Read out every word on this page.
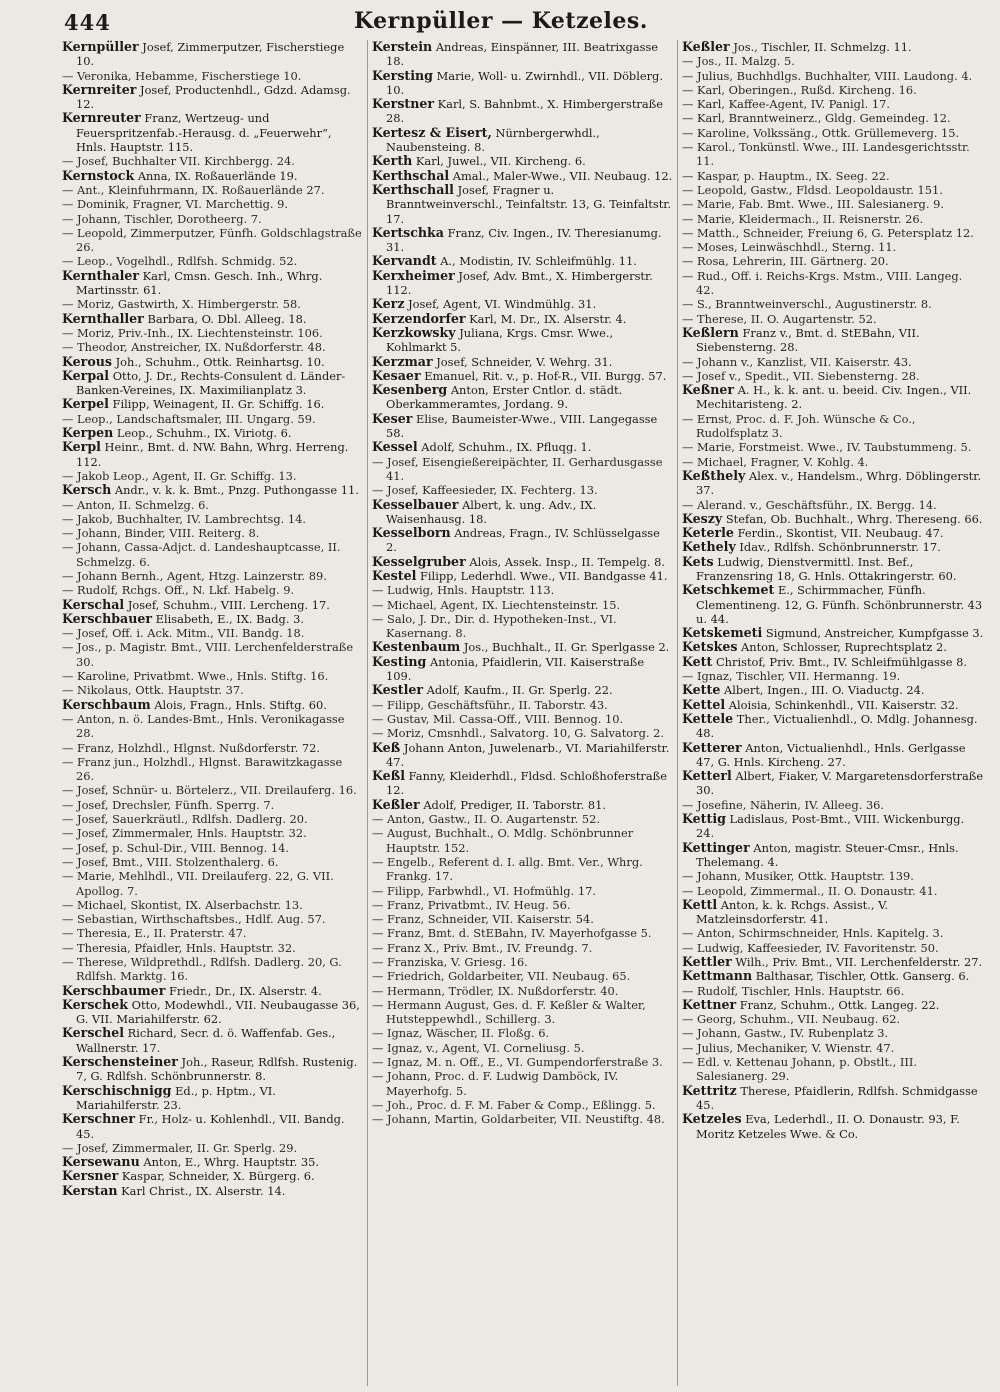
444	Kernpüller — Ketzeles.

Kernpüller Josef, Zimmerputzer, Fischerstiege 10.

— Veronika, Hebamme, Fischerstiege 10.

Kernreiter Josef, Productenhdl., Gdzd. Adamsg. 12.

Kernreuter Franz, Wertzeug- und Feuerspritzenfab.-Herausg. d. „Feuerwehr“, Hnls. Hauptstr. 115.

— Josef, Buchhalter VII. Kirchbergg. 24.

Kernstock Anna, IX. Roßauerlände 19.

— Ant., Kleinfuhrmann, IX. Roßauerlände 27.

— Dominik, Fragner, VI. Marchettig. 9.

— Johann, Tischler, Dorotheerg. 7.

— Leopold, Zimmerputzer, Fünfh. Goldschlagstraße 26.

— Leop., Vogelhdl., Rdlfsh. Schmidg. 52.

Kernthaler Karl, Cmsn. Gesch. Inh., Whrg. Martinsstr. 61.

— Moriz, Gastwirth, X. Himbergerstr. 58.

Kernthaller Barbara, O. Dbl. Alleeg. 18.

— Moriz, Priv.-Inh., IX. Liechtensteinstr. 106.

— Theodor, Anstreicher, IX. Nußdorferstr. 48.

Kerous Joh., Schuhm., Ottk. Reinhartsg. 10.

Kerpal Otto, J. Dr., Rechts-Consulent d. Länder-Banken-Vereines, IX. Maximilianplatz 3.

Kerpel Filipp, Weinagent, II. Gr. Schiffg. 16.

— Leop., Landschaftsmaler, III. Ungarg. 59.

Kerpen Leop., Schuhm., IX. Viriotg. 6.

Kerpl Heinr., Bmt. d. NW. Bahn, Whrg. Herreng. 112.

— Jakob Leop., Agent, II. Gr. Schiffg. 13.

Kersch Andr., v. k. k. Bmt., Pnzg. Puthongasse 11.

— Anton, II. Schmelzg. 6.

— Jakob, Buchhalter, IV. Lambrechtsg. 14.

— Johann, Binder, VIII. Reiterg. 8.

— Johann, Cassa-Adjct. d. Landeshauptcasse, II. Schmelzg. 6.

— Johann Bernh., Agent, Htzg. Lainzerstr. 89.

— Rudolf, Rchgs. Off., N. Lkf. Habelg. 9.

Kerschal Josef, Schuhm., VIII. Lercheng. 17.

Kerschbauer Elisabeth, E., IX. Badg. 3.

— Josef, Off. i. Ack. Mitm., VII. Bandg. 18.

— Jos., p. Magistr. Bmt., VIII. Lerchenfelderstraße 30.

— Karoline, Privatbmt. Wwe., Hnls. Stiftg. 16.

— Nikolaus, Ottk. Hauptstr. 37.

Kerschbaum Alois, Fragn., Hnls. Stiftg. 60.

— Anton, n. ö. Landes-Bmt., Hnls. Veronikagasse 28.

— Franz, Holzhdl., Hlgnst. Nußdorferstr. 72.

— Franz jun., Holzhdl., Hlgnst. Barawitzkagasse 26.

— Josef, Schnür- u. Börtelerz., VII. Dreilauferg. 16.

— Josef, Drechsler, Fünfh. Sperrg. 7.

— Josef, Sauerkräutl., Rdlfsh. Dadlerg. 20.

— Josef, Zimmermaler, Hnls. Hauptstr. 32.

— Josef, p. Schul-Dir., VIII. Bennog. 14.

— Josef, Bmt., VIII. Stolzenthalerg. 6.

— Marie, Mehlhdl., VII. Dreilauferg. 22, G. VII. Apollog. 7.

— Michael, Skontist, IX. Alserbachstr. 13.

— Sebastian, Wirthschaftsbes., Hdlf. Aug. 57.

— Theresia, E., II. Praterstr. 47.

— Theresia, Pfaidler, Hnls. Hauptstr. 32.

— Therese, Wildprethdl., Rdlfsh. Dadlerg. 20, G. Rdlfsh. Marktg. 16.

Kerschbaumer Friedr., Dr., IX. Alserstr. 4.

Kerschek Otto, Modewhdl., VII. Neubaugasse 36, G. VII. Mariahilferstr. 62.

Kerschel Richard, Secr. d. ö. Waffenfab. Ges., Wallnerstr. 17.

Kerschensteiner Joh., Raseur, Rdlfsh. Rustenig. 7, G. Rdlfsh. Schönbrunnerstr. 8.

Kerschischnigg Ed., p. Hptm., VI. Mariahilferstr. 23.

Kerschner Fr., Holz- u. Kohlenhdl., VII. Bandg. 45.

— Josef, Zimmermaler, II. Gr. Sperlg. 29.

Kersewanu Anton, E., Whrg. Hauptstr. 35.

Kersner Kaspar, Schneider, X. Bürgerg. 6.

Kerstan Karl Christ., IX. Alserstr. 14.

Kerstein Andreas, Einspänner, III. Beatrixgasse 18.

Kersting Marie, Woll- u. Zwirnhdl., VII. Döblerg. 10.

Kerstner Karl, S. Bahnbmt., X. Himbergerstraße 28.

Kertesz & Eisert, Nürnbergerwhdl., Naubensteing. 8.

Kerth Karl, Juwel., VII. Kircheng. 6.

Kerthschal Amal., Maler-Wwe., VII. Neubaug. 12.

Kerthschall Josef, Fragner u. Branntweinverschl., Teinfaltstr. 13, G. Teinfaltstr. 17.

Kertschka Franz, Civ. Ingen., IV. Theresianumg. 31.

Kervandt A., Modistin, IV. Schleifmühlg. 11.

Kerxheimer Josef, Adv. Bmt., X. Himbergerstr. 112.

Kerz Josef, Agent, VI. Windmühlg. 31.

Kerzendorfer Karl, M. Dr., IX. Alserstr. 4.

Kerzkowsky Juliana, Krgs. Cmsr. Wwe., Kohlmarkt 5.

Kerzmar Josef, Schneider, V. Wehrg. 31.

Kesaer Emanuel, Rit. v., p. Hof-R., VII. Burgg. 57.

Kesenberg Anton, Erster Cntlor. d. städt. Oberkammeramtes, Jordang. 9.

Keser Elise, Baumeister-Wwe., VIII. Langegasse 58.

Kessel Adolf, Schuhm., IX. Pfluqg. 1.

— Josef, Eisengießereipächter, II. Gerhardusgasse 41.

— Josef, Kaffeesieder, IX. Fechterg. 13.

Kesselbauer Albert, k. ung. Adv., IX. Waisenhausg. 18.

Kesselborn Andreas, Fragn., IV. Schlüsselgasse 2.

Kesselgruber Alois, Assek. Insp., II. Tempelg. 8.

Kestel Filipp, Lederhdl. Wwe., VII. Bandgasse 41.

— Ludwig, Hnls. Hauptstr. 113.

— Michael, Agent, IX. Liechtensteinstr. 15.

— Salo, J. Dr., Dir. d. Hypotheken-Inst., VI. Kasernang. 8.

Kestenbaum Jos., Buchhalt., II. Gr. Sperlgasse 2.

Kesting Antonia, Pfaidlerin, VII. Kaiserstraße 109.

Kestler Adolf, Kaufm., II. Gr. Sperlg. 22.

— Filipp, Geschäftsführ., II. Taborstr. 43.

— Gustav, Mil. Cassa-Off., VIII. Bennog. 10.

— Moriz, Cmsnhdl., Salvatorg. 10, G. Salvatorg. 2.

Keß Johann Anton, Juwelenarb., VI. Mariahilferstr. 47.

Keßl Fanny, Kleiderhdl., Fldsd. Schloßhoferstraße 12.

Keßler Adolf, Prediger, II. Taborstr. 81.

— Anton, Gastw., II. O. Augartenstr. 52.

— August, Buchhalt., O. Mdlg. Schönbrunner Hauptstr. 152.

— Engelb., Referent d. I. allg. Bmt. Ver., Whrg. Frankg. 17.

— Filipp, Farbwhdl., VI. Hofmühlg. 17.

— Franz, Privatbmt., IV. Heug. 56.

— Franz, Schneider, VII. Kaiserstr. 54.

— Franz, Bmt. d. StEBahn, IV. Mayerhofgasse 5.

— Franz X., Priv. Bmt., IV. Freundg. 7.

— Franziska, V. Griesg. 16.

— Friedrich, Goldarbeiter, VII. Neubaug. 65.

— Hermann, Trödler, IX. Nußdorferstr. 40.

— Hermann August, Ges. d. F. Keßler & Walter, Hutsteppewhdl., Schillerg. 3.

— Ignaz, Wäscher, II. Floßg. 6.

— Ignaz, v., Agent, VI. Corneliusg. 5.

— Ignaz, M. n. Off., E., VI. Gumpendorferstraße 3.

— Johann, Proc. d. F. Ludwig Damböck, IV. Mayerhofg. 5.

— Joh., Proc. d. F. M. Faber & Comp., Eßlingg. 5.

— Johann, Martin, Goldarbeiter, VII. Neustiftg. 48.

Keßler Jos., Tischler, II. Schmelzg. 11.

— Jos., II. Malzg. 5.

— Julius, Buchhdlgs. Buchhalter, VIII. Laudong. 4.

— Karl, Oberingen., Rußd. Kircheng. 16.

— Karl, Kaffee-Agent, IV. Panigl. 17.

— Karl, Branntweinerz., Gldg. Gemeindeg. 12.

— Karoline, Volkssäng., Ottk. Grüllemeverg. 15.

— Karol., Tonkünstl. Wwe., III. Landesgerichtsstr. 11.

— Kaspar, p. Hauptm., IX. Seeg. 22.

— Leopold, Gastw., Fldsd. Leopoldaustr. 151.

— Marie, Fab. Bmt. Wwe., III. Salesianerg. 9.

— Marie, Kleidermach., II. Reisnerstr. 26.

— Matth., Schneider, Freiung 6, G. Petersplatz 12.

— Moses, Leinwäschhdl., Sterng. 11.

— Rosa, Lehrerin, III. Gärtnerg. 20.

— Rud., Off. i. Reichs-Krgs. Mstm., VIII. Langeg. 42.

— S., Branntweinverschl., Augustinerstr. 8.

— Therese, II. O. Augartenstr. 52.

Keßlern Franz v., Bmt. d. StEBahn, VII. Siebensterng. 28.

— Johann v., Kanzlist, VII. Kaiserstr. 43.

— Josef v., Spedit., VII. Siebensterng. 28.

Keßner A. H., k. k. ant. u. beeid. Civ. Ingen., VII. Mechitaristeng. 2.

— Ernst, Proc. d. F. Joh. Wünsche & Co., Rudolfsplatz 3.

— Marie, Forstmeist. Wwe., IV. Taubstummeng. 5.

— Michael, Fragner, V. Kohlg. 4.

Keßthely Alex. v., Handelsm., Whrg. Döblingerstr. 37.

— Alerand. v., Geschäftsführ., IX. Bergg. 14.

Keszy Stefan, Ob. Buchhalt., Whrg. Thereseng. 66.

Keterle Ferdin., Skontist, VII. Neubaug. 47.

Kethely Idav., Rdlfsh. Schönbrunnerstr. 17.

Kets Ludwig, Dienstvermittl. Inst. Bef., Franzensring 18, G. Hnls. Ottakringerstr. 60.

Ketschkemet E., Schirmmacher, Fünfh. Clementineng. 12, G. Fünfh. Schönbrunnerstr. 43 u. 44.

Ketskemeti Sigmund, Anstreicher, Kumpfgasse 3.

Ketskes Anton, Schlosser, Ruprechtsplatz 2.

Kett Christof, Priv. Bmt., IV. Schleifmühlgasse 8.

— Ignaz, Tischler, VII. Hermanng. 19.

Kette Albert, Ingen., III. O. Viaductg. 24.

Kettel Aloisia, Schinkenhdl., VII. Kaiserstr. 32.

Kettele Ther., Victualienhdl., O. Mdlg. Johannesg. 48.

Ketterer Anton, Victualienhdl., Hnls. Gerlgasse 47, G. Hnls. Kircheng. 27.

Ketterl Albert, Fiaker, V. Margaretensdorferstraße 30.

— Josefine, Näherin, IV. Alleeg. 36.

Kettig Ladislaus, Post-Bmt., VIII. Wickenburgg. 24.

Kettinger Anton, magistr. Steuer-Cmsr., Hnls. Thelemang. 4.

— Johann, Musiker, Ottk. Hauptstr. 139.

— Leopold, Zimmermal., II. O. Donaustr. 41.

Kettl Anton, k. k. Rchgs. Assist., V. Matzleinsdorferstr. 41.

— Anton, Schirmschneider, Hnls. Kapitelg. 3.

— Ludwig, Kaffeesieder, IV. Favoritenstr. 50.

Kettler Wilh., Priv. Bmt., VII. Lerchenfelderstr. 27.

Kettmann Balthasar, Tischler, Ottk. Ganserg. 6.

— Rudolf, Tischler, Hnls. Hauptstr. 66.

Kettner Franz, Schuhm., Ottk. Langeg. 22.

— Georg, Schuhm., VII. Neubaug. 62.

— Johann, Gastw., IV. Rubenplatz 3.

— Julius, Mechaniker, V. Wienstr. 47.

— Edl. v. Kettenau Johann, p. Obstlt., III. Salesianerg. 29.

Kettritz Therese, Pfaidlerin, Rdlfsh. Schmidgasse 45.

Ketzeles Eva, Lederhdl., II. O. Donaustr. 93, F. Moritz Ketzeles Wwe. & Co.
